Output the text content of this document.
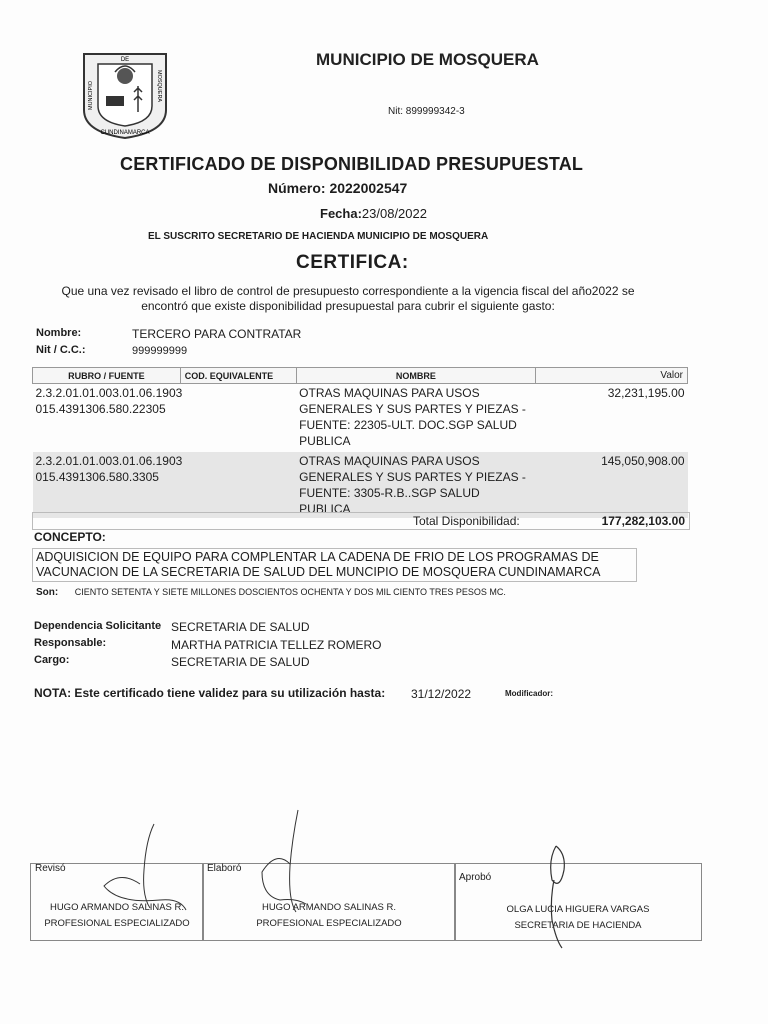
DE
MUNICIPIO	MOSQUERA
CUNDINAMARCA
MUNICIPIO DE MOSQUERA
Nit: 899999342-3
CERTIFICADO DE DISPONIBILIDAD PRESUPUESTAL
Número: 2022002547
Fecha:23/08/2022
EL SUSCRITO SECRETARIO DE HACIENDA MUNICIPIO DE MOSQUERA
CERTIFICA:
Que una vez revisado el libro de control de presupuesto correspondiente a la vigencia fiscal del año2022 se encontró que existe disponibilidad presupuestal para cubrir el siguiente gasto:
Nombre:	TERCERO PARA CONTRATAR
Nit / C.C.:	999999999
RUBRO / FUENTE	COD. EQUIVALENTE	NOMBRE	Valor

2.3.2.01.01.003.01.06.1903
015.4391306.580.22305		OTRAS MAQUINAS PARA USOS GENERALES Y SUS PARTES Y PIEZAS - FUENTE: 22305-ULT. DOC.SGP SALUD PUBLICA	32,231,195.00

2.3.2.01.01.003.01.06.1903
015.4391306.580.3305		OTRAS MAQUINAS PARA USOS GENERALES Y SUS PARTES Y PIEZAS - FUENTE: 3305-R.B..SGP SALUD PUBLICA	145,050,908.00
Total Disponibilidad:	177,282,103.00
CONCEPTO:
ADQUISICION DE EQUIPO PARA COMPLENTAR LA CADENA DE FRIO DE LOS PROGRAMAS DE VACUNACION DE LA SECRETARIA DE SALUD DEL MUNCIPIO DE MOSQUERA CUNDINAMARCA
Son: CIENTO SETENTA Y SIETE MILLONES DOSCIENTOS OCHENTA Y DOS MIL CIENTO TRES PESOS MC.
Dependencia Solicitante SECRETARIA DE SALUD
Responsable:	MARTHA PATRICIA TELLEZ ROMERO
Cargo:	SECRETARIA DE SALUD
NOTA: Este certificado tiene validez para su utilización hasta: 31/12/2022	Modificador:
Revisó
HUGO ARMANDO SALINAS R.
PROFESIONAL ESPECIALIZADO
Elaboró
HUGO ARMANDO SALINAS R.
PROFESIONAL ESPECIALIZADO
Aprobó
OLGA LUCIA HIGUERA VARGAS
SECRETARIA DE HACIENDA
